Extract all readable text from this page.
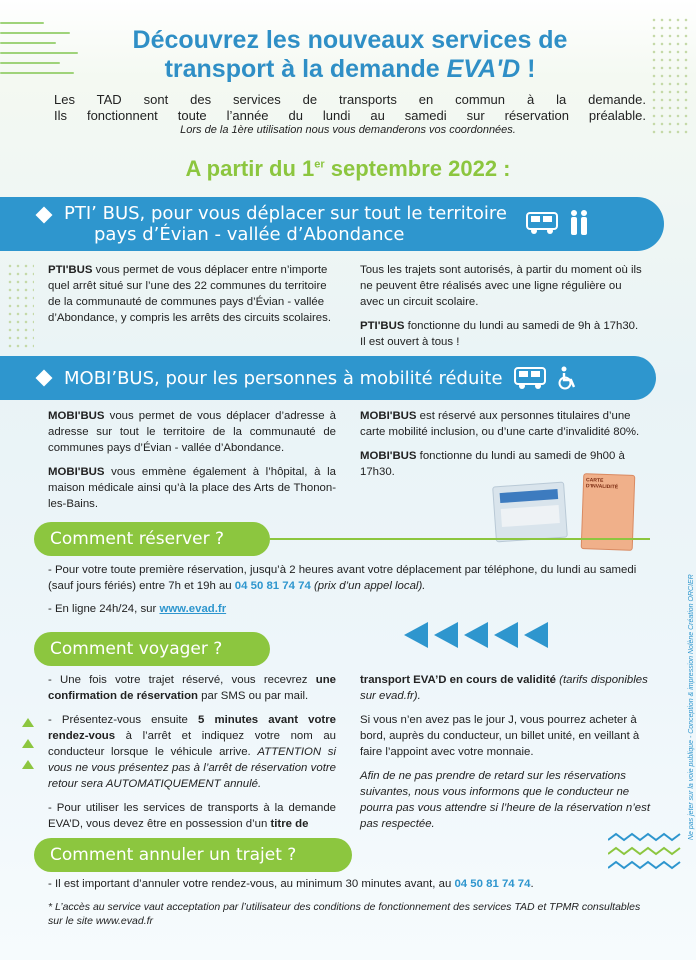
Découvrez les nouveaux services de
transport à la demande EVA'D !
Les TAD sont des services de transports en commun à la demande.
Ils fonctionnent toute l’année du lundi au samedi sur réservation préalable.
Lors de la 1ère utilisation nous vous demanderons vos coordonnées.
A partir du 1er septembre 2022 :
PTI’ BUS, pour vous déplacer sur tout le territoire
pays d’Évian - vallée d’Abondance

PTI'BUS vous permet de vous déplacer entre n’importe quel arrêt situé sur l’une des 22 communes du territoire de la communauté de communes pays d’Évian - vallée d’Abondance, y compris les arrêts des circuits scolaires.

Tous les trajets sont autorisés, à partir du moment où ils ne peuvent être réalisés avec une ligne régulière ou avec un circuit scolaire.

PTI'BUS fonctionne du lundi au samedi de 9h à 17h30.

Il est ouvert à tous !

MOBI’BUS, pour les personnes à mobilité réduite

MOBI'BUS vous permet de vous déplacer d’adresse à adresse sur tout le territoire de la communauté de communes pays d’Évian - vallée d’Abondance.

MOBI'BUS vous emmène également à l’hôpital, à la maison médicale ainsi qu’à la place des Arts de Thonon-les-Bains.

MOBI'BUS est réservé aux personnes titulaires d’une carte mobilité inclusion, ou d’une carte d’invalidité 80%.

MOBI'BUS fonctionne du lundi au samedi de 9h00 à 17h30.

CARTE D'INVALIDITÉ
Comment réserver ?
- Pour votre toute première réservation, jusqu’à 2 heures avant votre déplacement par téléphone, du lundi au samedi (sauf jours fériés) entre 7h et 19h au 04 50 81 74 74 (prix d’un appel local).
- En ligne 24h/24, sur www.evad.fr
Comment voyager ?

- Une fois votre trajet réservé, vous recevrez une confirmation de réservation par SMS ou par mail.

- Présentez-vous ensuite 5 minutes avant votre rendez-vous à l’arrêt et indiquez votre nom au conducteur lorsque le véhicule arrive. ATTENTION si vous ne vous présentez pas à l’arrêt de réservation votre retour sera AUTOMATIQUEMENT annulé.

- Pour utiliser les services de transports à la demande EVA’D, vous devez être en possession d’un titre de

transport EVA’D en cours de validité (tarifs disponibles sur evad.fr).

Si vous n’en avez pas le jour J, vous pourrez acheter à bord, auprès du conducteur, un billet unité, en veillant à faire l’appoint avec votre monnaie.

Afin de ne pas prendre de retard sur les réservations suivantes, nous vous informons que le conducteur ne pourra pas vous attendre si l’heure de la réservation n’est pas respectée.

Comment annuler un trajet ?
- Il est important d’annuler votre rendez-vous, au minimum 30 minutes avant, au 04 50 81 74 74.
* L’accès au service vaut acceptation par l’utilisateur des conditions de fonctionnement des services TAD et TPMR consultables sur le site www.evad.fr
Ne pas jeter sur la voie publique - Conception & impression Nolène Création ORCIER
